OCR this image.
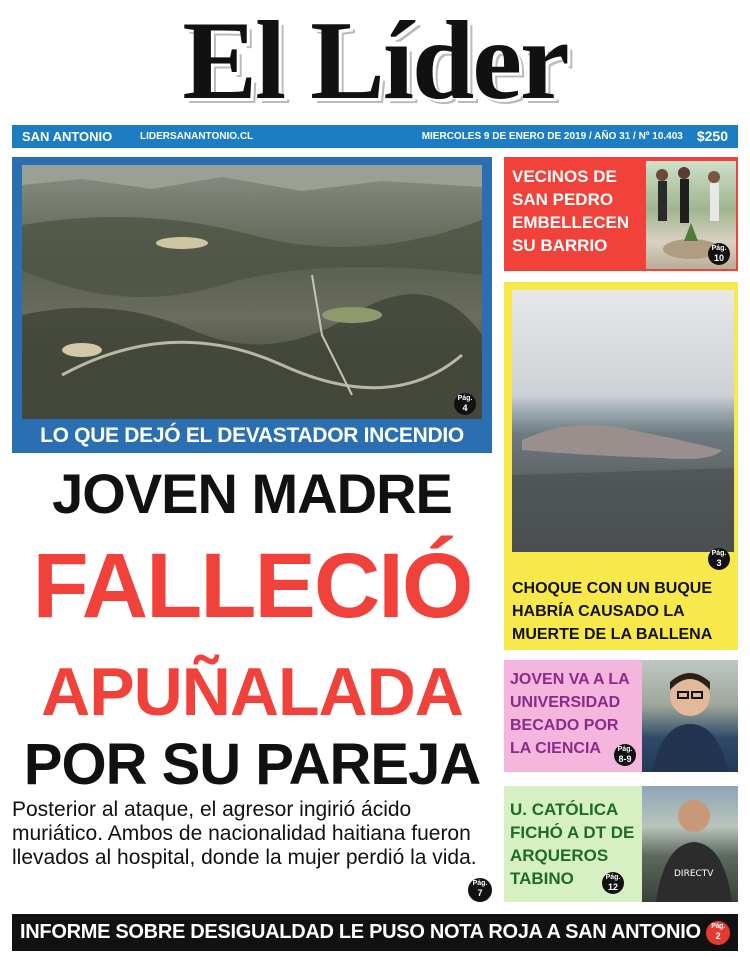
El Líder
SAN ANTONIO	LIDERSANANTONIO.CL	MIERCOLES 9 DE ENERO DE 2019 / AÑO 31 / Nº 10.403 $250
Pág.
4
LO QUE DEJÓ EL DEVASTADOR INCENDIO
JOVEN MADRE
FALLECIÓ
APUÑALADA
POR SU PAREJA
Posterior al ataque, el agresor ingirió ácido muriático. Ambos de nacionalidad haitiana fueron llevados al hospital, donde la mujer perdió la vida.
Pág.
7
VECINOS DE SAN PEDRO EMBELLECEN SU BARRIO	Pág.
10
Pág.
3
CHOQUE CON UN BUQUE HABRÍA CAUSADO LA MUERTE DE LA BALLENA
JOVEN VA A LA UNIVERSIDAD BECADO POR LA CIENCIA	Pág.
8-9
U. CATÓLICA FICHÓ A DT DE ARQUEROS TABINO	DIRECTV
Pág.
12
INFORME SOBRE DESIGUALDAD LE PUSO NOTA ROJA A SAN ANTONIO	Pág.
2
